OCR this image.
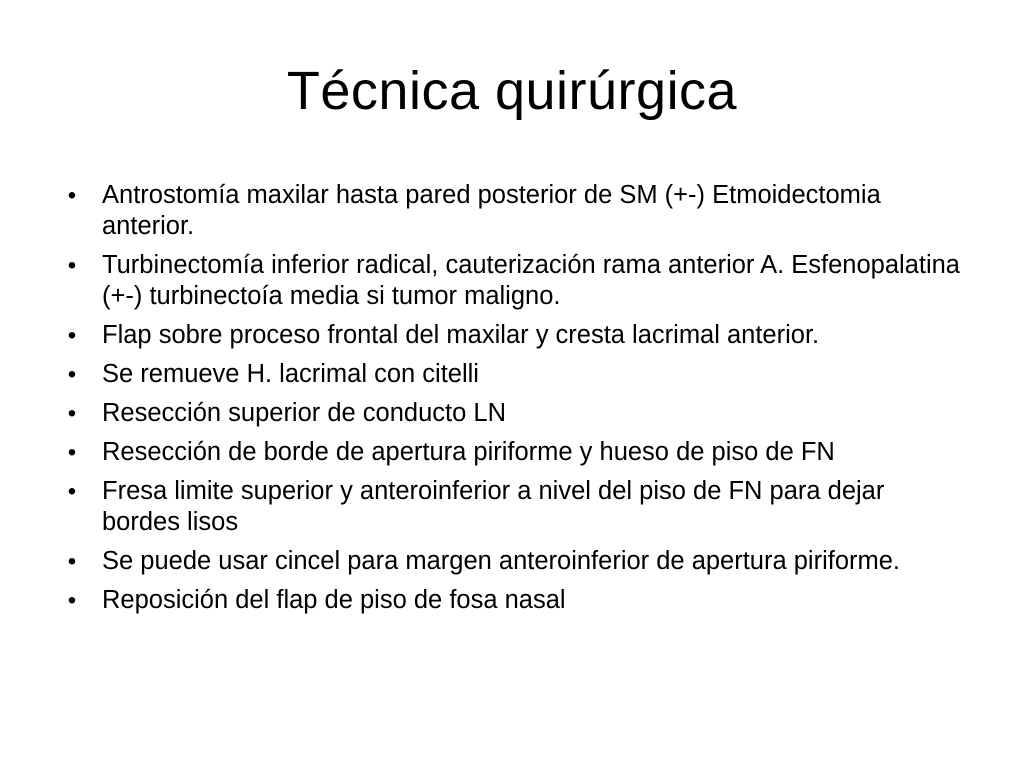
Técnica quirúrgica
• Antrostomía maxilar hasta pared posterior de SM (+-) Etmoidectomia anterior.
• Turbinectomía inferior radical, cauterización rama anterior A. Esfenopalatina (+-) turbinectoía media si tumor maligno.
• Flap sobre proceso frontal del maxilar y cresta lacrimal anterior.
• Se remueve H. lacrimal con citelli
• Resección superior de conducto LN
• Resección de borde de apertura piriforme y hueso de piso de FN
• Fresa limite superior y anteroinferior a nivel del piso de FN para dejar bordes lisos
• Se puede usar cincel para margen anteroinferior de apertura piriforme.
• Reposición del flap de piso de fosa nasal
